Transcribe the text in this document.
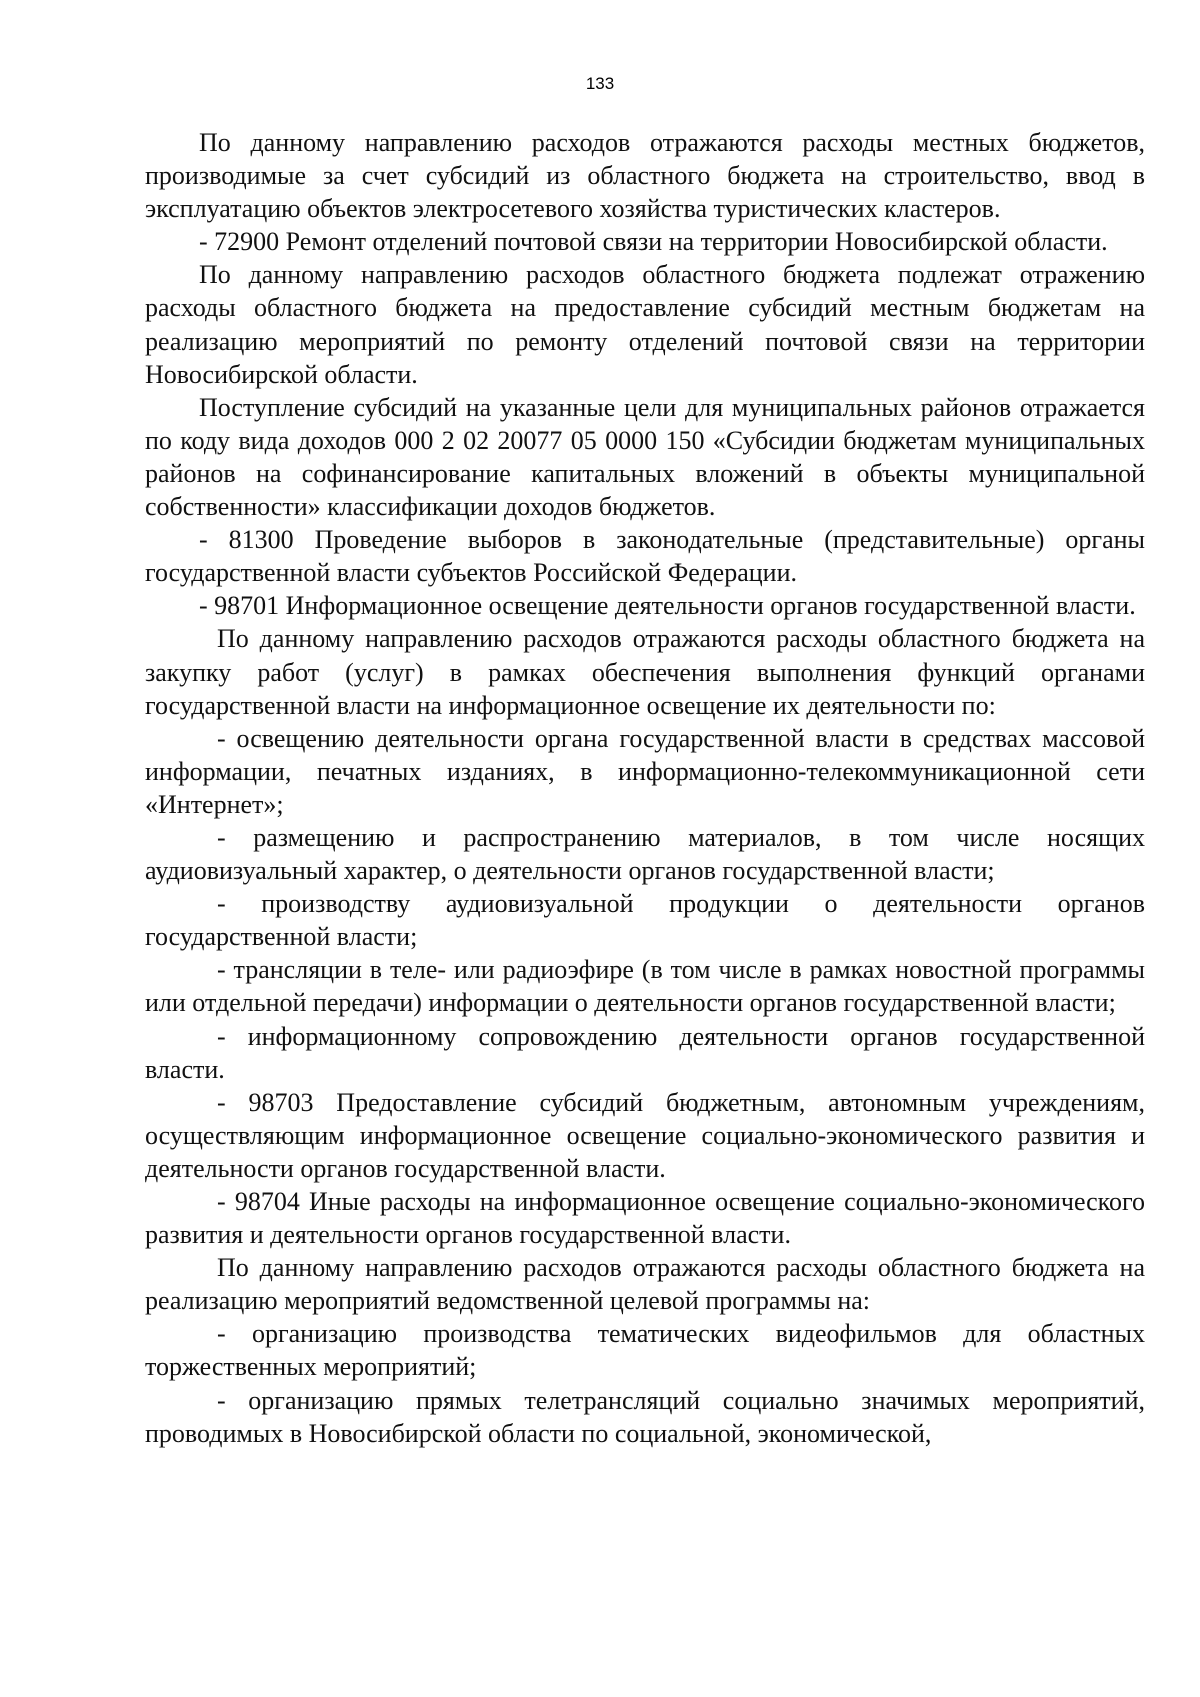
133

По данному направлению расходов отражаются расходы местных бюджетов, производимые за счет субсидий из областного бюджета на строительство, ввод в эксплуатацию объектов электросетевого хозяйства туристических кластеров.

- 72900 Ремонт отделений почтовой связи на территории Новосибирской области.

По данному направлению расходов областного бюджета подлежат отражению расходы областного бюджета на предоставление субсидий местным бюджетам на реализацию мероприятий по ремонту отделений почтовой связи на территории Новосибирской области.

Поступление субсидий на указанные цели для муниципальных районов отражается по коду вида доходов 000 2 02 20077 05 0000 150 «Субсидии бюджетам муниципальных районов на софинансирование капитальных вложений в объекты муниципальной собственности» классификации доходов бюджетов.

- 81300 Проведение выборов в законодательные (представительные) органы государственной власти субъектов Российской Федерации.

- 98701 Информационное освещение деятельности органов государственной власти.

По данному направлению расходов отражаются расходы областного бюджета на закупку работ (услуг) в рамках обеспечения выполнения функций органами государственной власти на информационное освещение их деятельности по:

- освещению деятельности органа государственной власти в средствах массовой информации, печатных изданиях, в информационно-телекоммуникационной сети «Интернет»;

- размещению и распространению материалов, в том числе носящих аудиовизуальный характер, о деятельности органов государственной власти;

- производству аудиовизуальной продукции о деятельности органов государственной власти;

- трансляции в теле- или радиоэфире (в том числе в рамках новостной программы или отдельной передачи) информации о деятельности органов государственной власти;

- информационному сопровождению деятельности органов государственной власти.

- 98703 Предоставление субсидий бюджетным, автономным учреждениям, осуществляющим информационное освещение социально-экономического развития и деятельности органов государственной власти.

- 98704 Иные расходы на информационное освещение социально-экономического развития и деятельности органов государственной власти.

По данному направлению расходов отражаются расходы областного бюджета на реализацию мероприятий ведомственной целевой программы на:

- организацию производства тематических видеофильмов для областных торжественных мероприятий;

- организацию прямых телетрансляций социально значимых мероприятий, проводимых в Новосибирской области по социальной, экономической,
